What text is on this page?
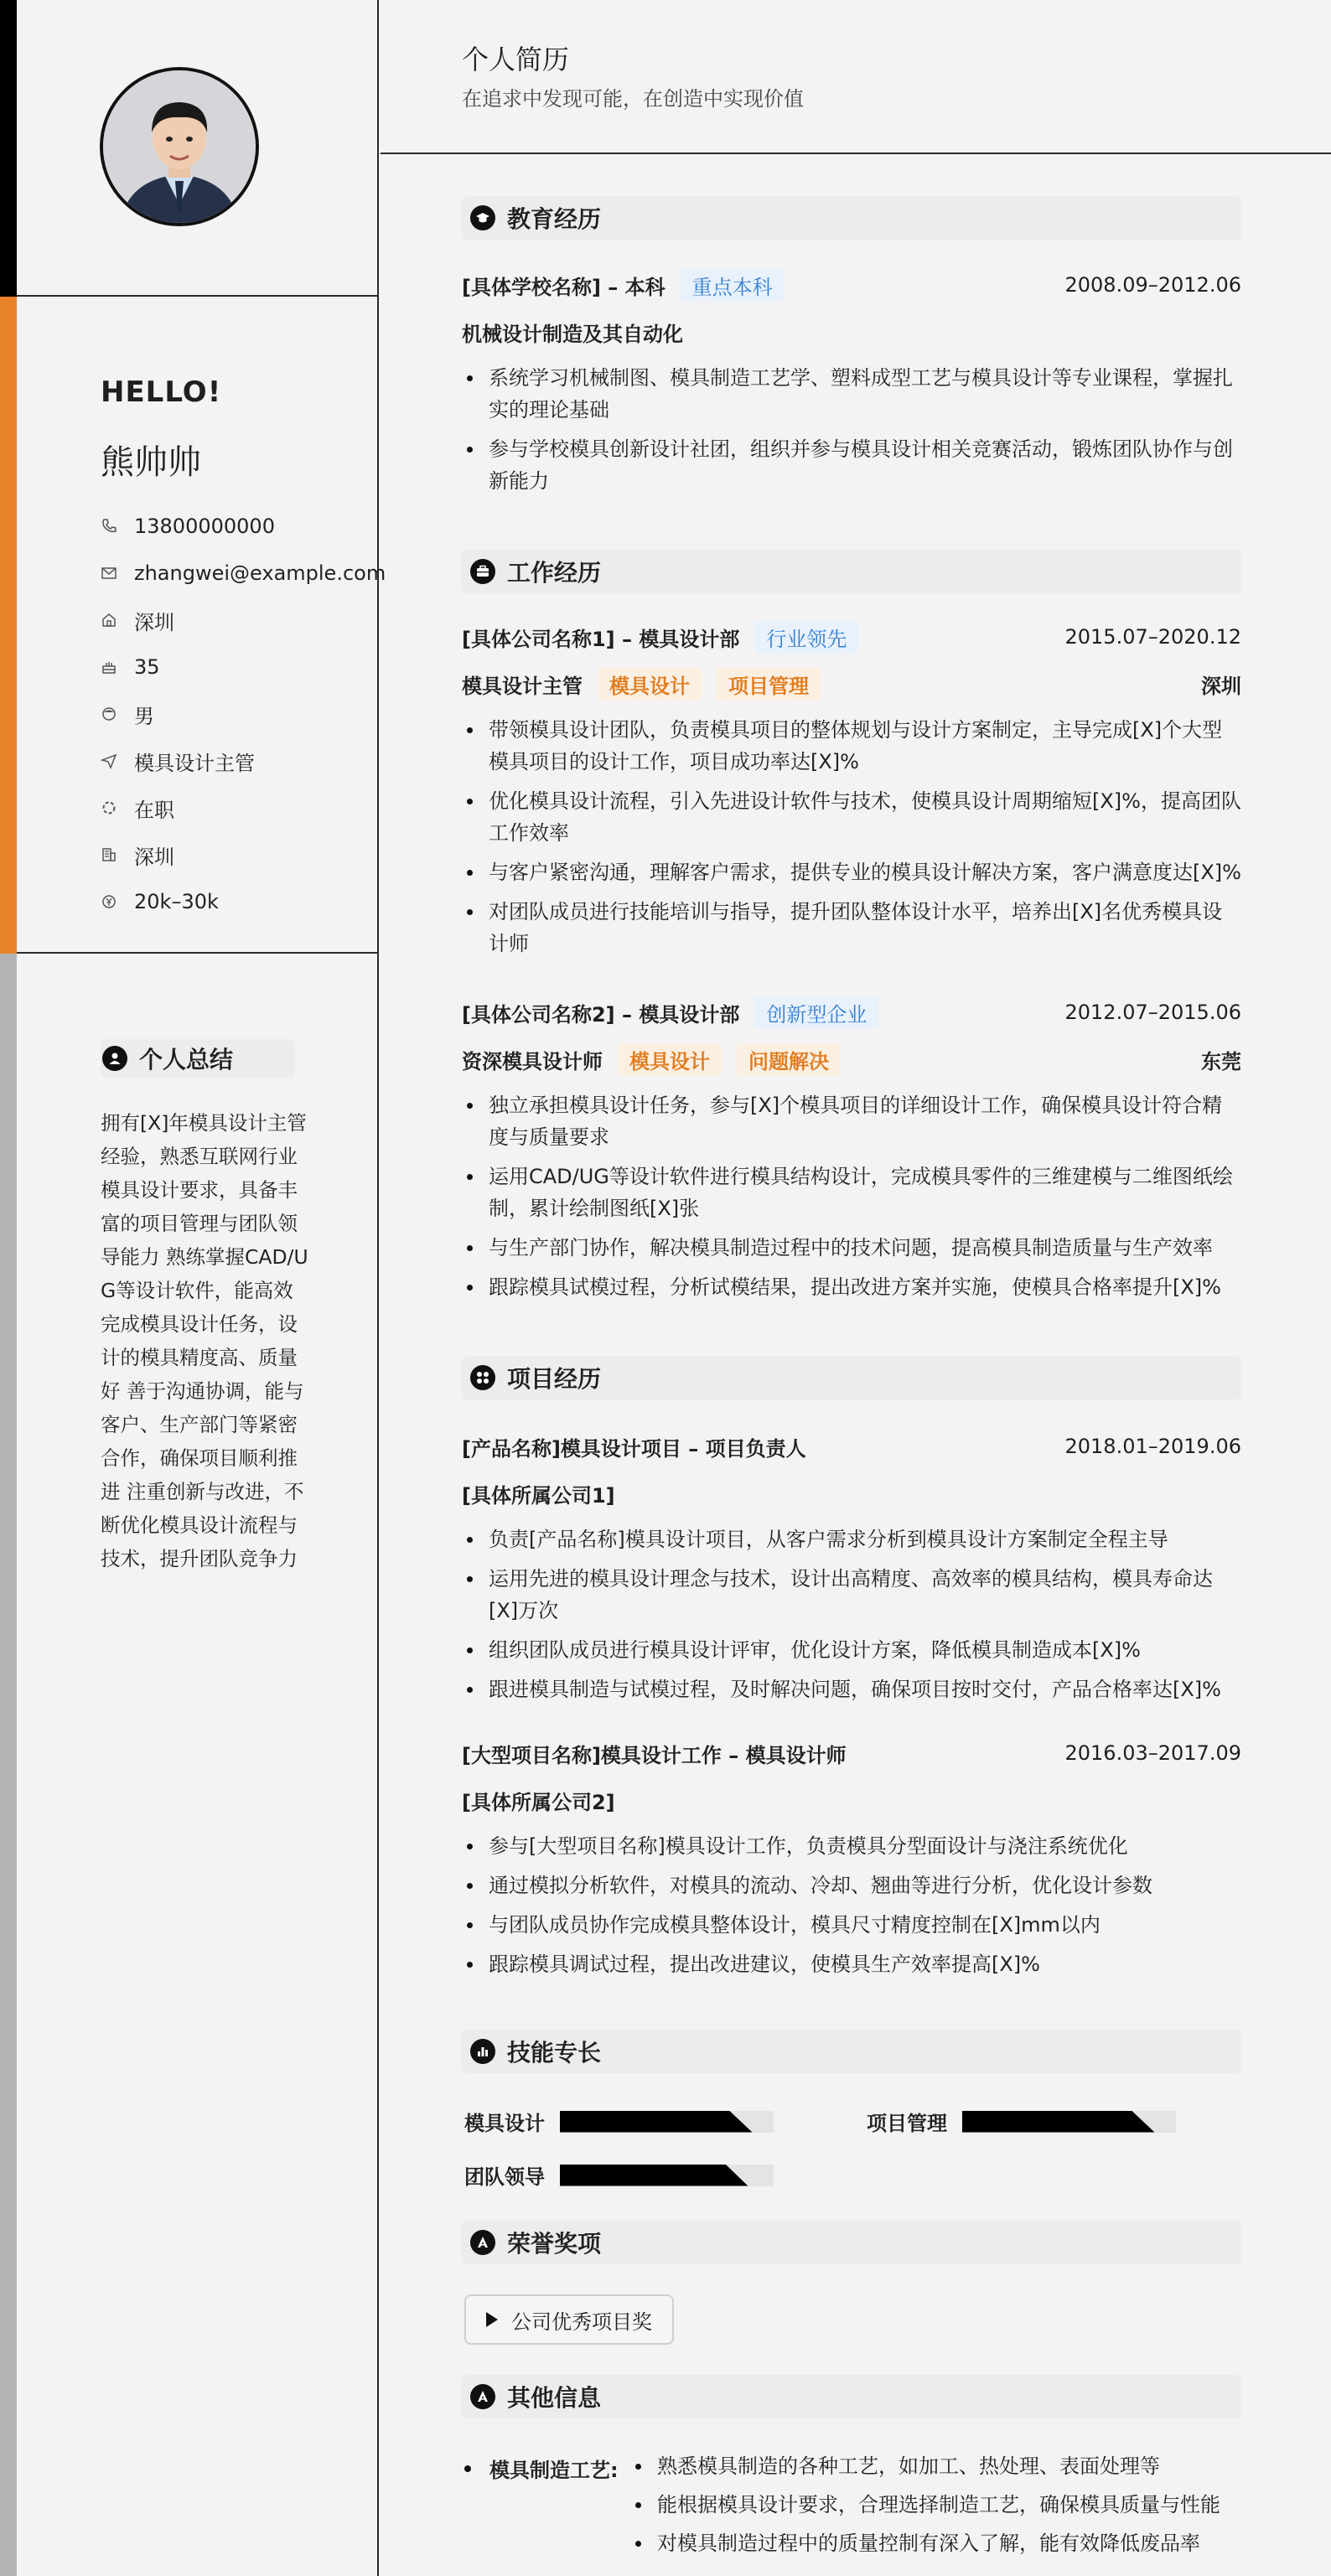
HELLO!
熊帅帅
13800000000
zhangwei@example.com
深圳
35
男
模具设计主管
在职
深圳
20k–30k
个人总结
拥有[X]年模具设计主管经验，熟悉互联网行业模具设计要求，具备丰富的项目管理与团队领导能力 熟练掌握CAD/UG等设计软件，能高效完成模具设计任务，设计的模具精度高、质量好 善于沟通协调，能与客户、生产部门等紧密合作，确保项目顺利推进 注重创新与改进，不断优化模具设计流程与技术，提升团队竞争力
个人简历
在追求中发现可能，在创造中实现价值
教育经历
[具体学校名称] – 本科	重点本科	2008.09–2012.06
机械设计制造及其自动化
系统学习机械制图、模具制造工艺学、塑料成型工艺与模具设计等专业课程，掌握扎实的理论基础
参与学校模具创新设计社团，组织并参与模具设计相关竞赛活动，锻炼团队协作与创新能力
工作经历
[具体公司名称1] – 模具设计部	行业领先	2015.07–2020.12
模具设计主管	模具设计	项目管理	深圳
带领模具设计团队，负责模具项目的整体规划与设计方案制定，主导完成[X]个大型模具项目的设计工作，项目成功率达[X]%
优化模具设计流程，引入先进设计软件与技术，使模具设计周期缩短[X]%，提高团队工作效率
与客户紧密沟通，理解客户需求，提供专业的模具设计解决方案，客户满意度达[X]%
对团队成员进行技能培训与指导，提升团队整体设计水平，培养出[X]名优秀模具设计师
[具体公司名称2] – 模具设计部	创新型企业	2012.07–2015.06
资深模具设计师	模具设计	问题解决	东莞
独立承担模具设计任务，参与[X]个模具项目的详细设计工作，确保模具设计符合精度与质量要求
运用CAD/UG等设计软件进行模具结构设计，完成模具零件的三维建模与二维图纸绘制，累计绘制图纸[X]张
与生产部门协作，解决模具制造过程中的技术问题，提高模具制造质量与生产效率
跟踪模具试模过程，分析试模结果，提出改进方案并实施，使模具合格率提升[X]%
项目经历
[产品名称]模具设计项目 – 项目负责人	2018.01–2019.06
[具体所属公司1]
负责[产品名称]模具设计项目，从客户需求分析到模具设计方案制定全程主导
运用先进的模具设计理念与技术，设计出高精度、高效率的模具结构，模具寿命达[X]万次
组织团队成员进行模具设计评审，优化设计方案，降低模具制造成本[X]%
跟进模具制造与试模过程，及时解决问题，确保项目按时交付，产品合格率达[X]%
[大型项目名称]模具设计工作 – 模具设计师	2016.03–2017.09
[具体所属公司2]
参与[大型项目名称]模具设计工作，负责模具分型面设计与浇注系统优化
通过模拟分析软件，对模具的流动、冷却、翘曲等进行分析，优化设计参数
与团队成员协作完成模具整体设计，模具尺寸精度控制在[X]mm以内
跟踪模具调试过程，提出改进建议，使模具生产效率提高[X]%
技能专长
模具设计	项目管理
团队领导
荣誉奖项
公司优秀项目奖
其他信息
模具制造工艺:	熟悉模具制造的各种工艺，如加工、热处理、表面处理等
能根据模具设计要求，合理选择制造工艺，确保模具质量与性能
对模具制造过程中的质量控制有深入了解，能有效降低废品率
